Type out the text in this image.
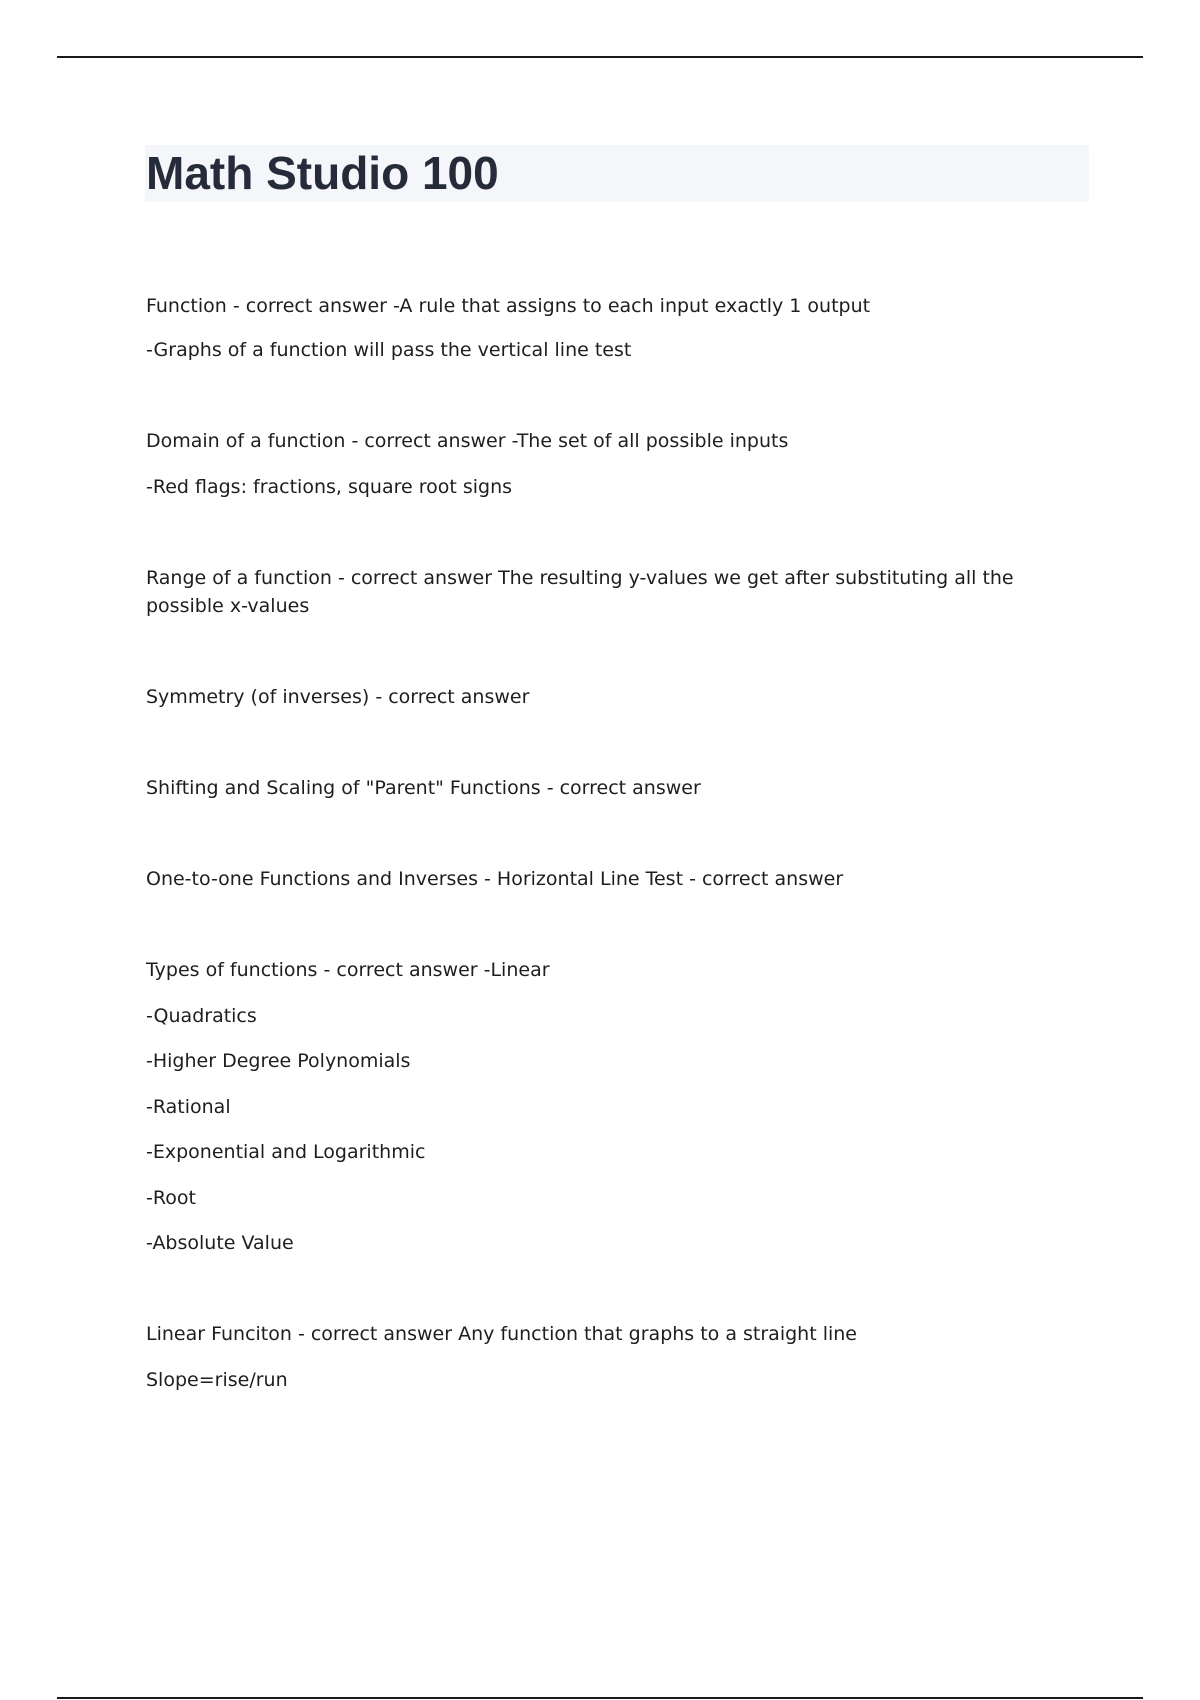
Math Studio 100

Function - correct answer -A rule that assigns to each input exactly 1 output

-Graphs of a function will pass the vertical line test

Domain of a function - correct answer -The set of all possible inputs

-Red flags: fractions, square root signs

Range of a function - correct answer The resulting y-values we get after substituting all the possible x-values

Symmetry (of inverses) - correct answer

Shifting and Scaling of "Parent" Functions - correct answer

One-to-one Functions and Inverses - Horizontal Line Test - correct answer

Types of functions - correct answer -Linear

-Quadratics

-Higher Degree Polynomials

-Rational

-Exponential and Logarithmic

-Root

-Absolute Value

Linear Funciton - correct answer Any function that graphs to a straight line

Slope=rise/run
